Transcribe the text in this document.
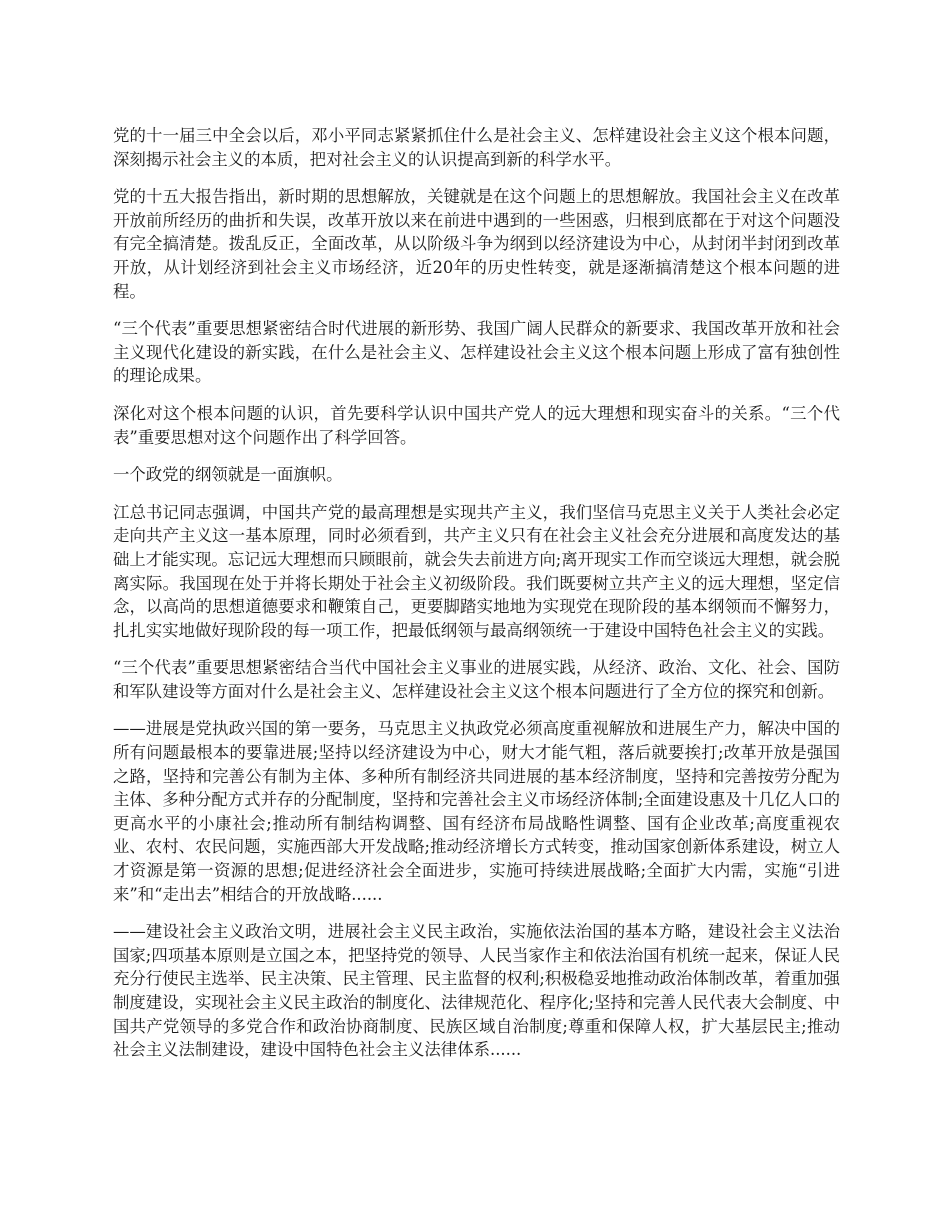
党的十一届三中全会以后，邓小平同志紧紧抓住什么是社会主义、怎样建设社会主义这个根本问题，深刻揭示社会主义的本质，把对社会主义的认识提高到新的科学水平。

党的十五大报告指出，新时期的思想解放，关键就是在这个问题上的思想解放。我国社会主义在改革开放前所经历的曲折和失误，改革开放以来在前进中遇到的一些困惑，归根到底都在于对这个问题没有完全搞清楚。拨乱反正，全面改革，从以阶级斗争为纲到以经济建设为中心，从封闭半封闭到改革开放，从计划经济到社会主义市场经济，近20年的历史性转变，就是逐渐搞清楚这个根本问题的进程。

“三个代表”重要思想紧密结合时代进展的新形势、我国广阔人民群众的新要求、我国改革开放和社会主义现代化建设的新实践，在什么是社会主义、怎样建设社会主义这个根本问题上形成了富有独创性的理论成果。

深化对这个根本问题的认识，首先要科学认识中国共产党人的远大理想和现实奋斗的关系。“三个代表”重要思想对这个问题作出了科学回答。

一个政党的纲领就是一面旗帜。

江总书记同志强调，中国共产党的最高理想是实现共产主义，我们坚信马克思主义关于人类社会必定走向共产主义这一基本原理，同时必须看到，共产主义只有在社会主义社会充分进展和高度发达的基础上才能实现。忘记远大理想而只顾眼前，就会失去前进方向;离开现实工作而空谈远大理想，就会脱离实际。我国现在处于并将长期处于社会主义初级阶段。我们既要树立共产主义的远大理想，坚定信念，以高尚的思想道德要求和鞭策自己，更要脚踏实地地为实现党在现阶段的基本纲领而不懈努力，扎扎实实地做好现阶段的每一项工作，把最低纲领与最高纲领统一于建设中国特色社会主义的实践。

“三个代表”重要思想紧密结合当代中国社会主义事业的进展实践，从经济、政治、文化、社会、国防和军队建设等方面对什么是社会主义、怎样建设社会主义这个根本问题进行了全方位的探究和创新。

——进展是党执政兴国的第一要务，马克思主义执政党必须高度重视解放和进展生产力，解决中国的所有问题最根本的要靠进展;坚持以经济建设为中心，财大才能气粗，落后就要挨打;改革开放是强国之路，坚持和完善公有制为主体、多种所有制经济共同进展的基本经济制度，坚持和完善按劳分配为主体、多种分配方式并存的分配制度，坚持和完善社会主义市场经济体制;全面建设惠及十几亿人口的更高水平的小康社会;推动所有制结构调整、国有经济布局战略性调整、国有企业改革;高度重视农业、农村、农民问题，实施西部大开发战略;推动经济增长方式转变，推动国家创新体系建设，树立人才资源是第一资源的思想;促进经济社会全面进步，实施可持续进展战略;全面扩大内需，实施“引进来”和“走出去”相结合的开放战略......

——建设社会主义政治文明，进展社会主义民主政治，实施依法治国的基本方略，建设社会主义法治国家;四项基本原则是立国之本，把坚持党的领导、人民当家作主和依法治国有机统一起来，保证人民充分行使民主选举、民主决策、民主管理、民主监督的权利;积极稳妥地推动政治体制改革，着重加强制度建设，实现社会主义民主政治的制度化、法律规范化、程序化;坚持和完善人民代表大会制度、中国共产党领导的多党合作和政治协商制度、民族区域自治制度;尊重和保障人权，扩大基层民主;推动社会主义法制建设，建设中国特色社会主义法律体系......
